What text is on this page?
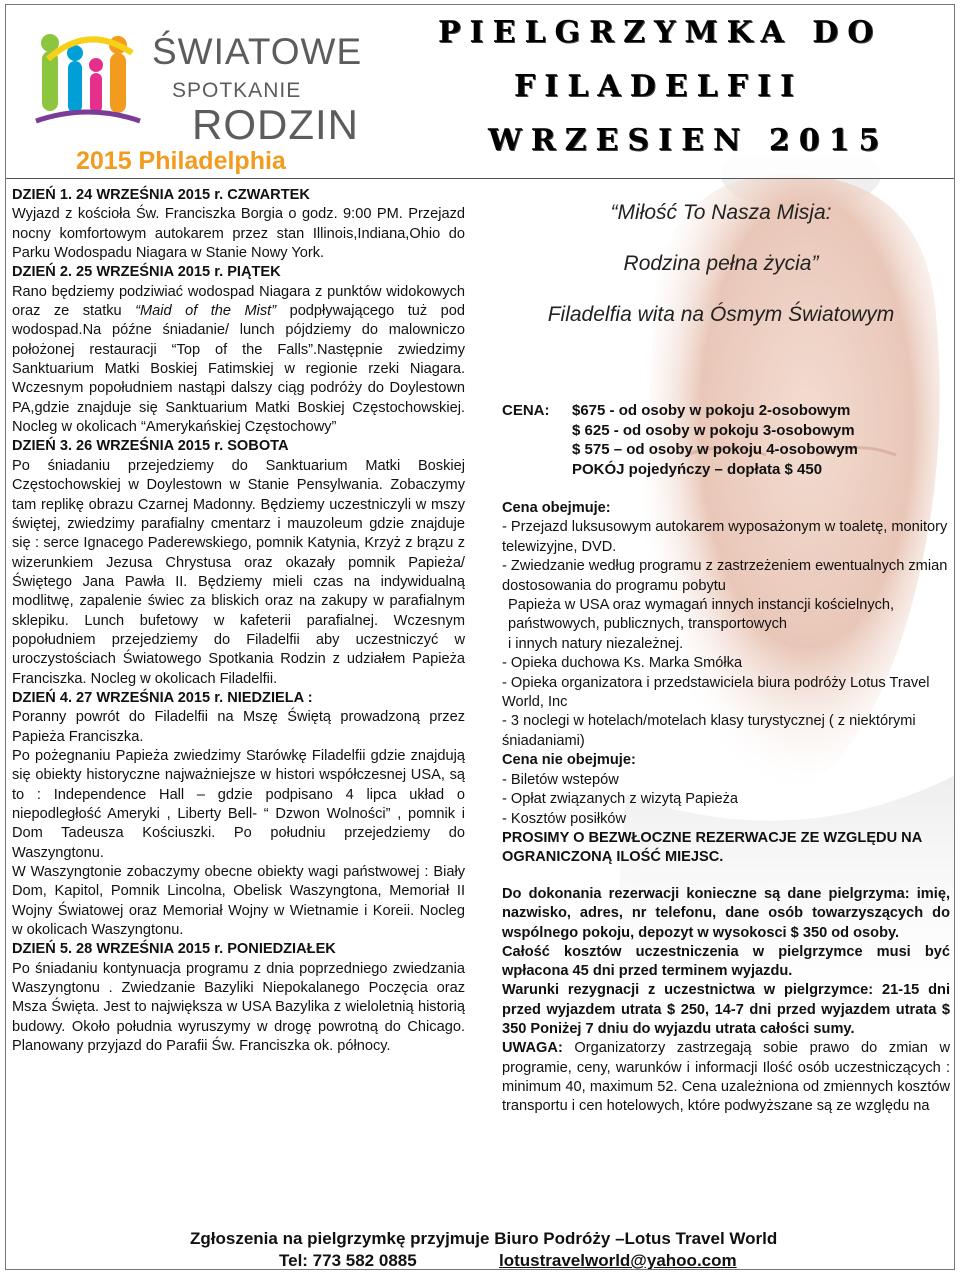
ŚWIATOWE
SPOTKANIE
RODZIN
2015 Philadelphia
PIELGRZYMKA DO
FILADELFII
WRZESIEN 2015

DZIEŃ 1. 24 WRZEŚNIA 2015 r. CZWARTEK

Wyjazd z kościoła Św. Franciszka Borgia o godz. 9:00 PM. Przejazd nocny komfortowym autokarem przez stan Illinois,Indiana,Ohio do Parku Wodospadu Niagara w Stanie Nowy York.

DZIEŃ 2. 25 WRZEŚNIA 2015 r. PIĄTEK

Rano będziemy podziwiać wodospad Niagara z punktów widokowych oraz ze statku “Maid of the Mist” podpływającego tuż pod wodospad.Na późne śniadanie/ lunch pójdziemy do malowniczo położonej restauracji “Top of the Falls”.Następnie zwiedzimy Sanktuarium Matki Boskiej Fatimskiej w regionie rzeki Niagara. Wczesnym popołudniem nastąpi dalszy ciąg podróży do Doylestown PA,gdzie znajduje się Sanktuarium Matki Boskiej Częstochowskiej. Nocleg w okolicach “Amerykańskiej Częstochowy”

DZIEŃ 3. 26 WRZEŚNIA 2015 r. SOBOTA

Po śniadaniu przejedziemy do Sanktuarium Matki Boskiej Częstochowskiej w Doylestown w Stanie Pensylwania. Zobaczymy tam replikę obrazu Czarnej Madonny. Będziemy uczestniczyli w mszy świętej, zwiedzimy parafialny cmentarz i mauzoleum gdzie znajduje się : serce Ignacego Paderewskiego, pomnik Katynia, Krzyż z brązu z wizerunkiem Jezusa Chrystusa oraz okazały pomnik Papieża/Świętego Jana Pawła II. Będziemy mieli czas na indywidualną modlitwę, zapalenie świec za bliskich oraz na zakupy w parafialnym sklepiku. Lunch bufetowy w kafeterii parafialnej. Wczesnym popołudniem przejedziemy do Filadelfii aby uczestniczyć w uroczystościach Światowego Spotkania Rodzin z udziałem Papieża Franciszka. Nocleg w okolicach Filadelfii.

DZIEŃ 4. 27 WRZEŚNIA 2015 r. NIEDZIELA :

Poranny powrót do Filadelfii na Mszę Świętą prowadzoną przez Papieża Franciszka.

Po pożegnaniu Papieża zwiedzimy Starówkę Filadelfii gdzie znajdują się obiekty historyczne najważniejsze w histori współczesnej USA, są to : Independence Hall – gdzie podpisano 4 lipca układ o niepodległość Ameryki , Liberty Bell- “ Dzwon Wolności” , pomnik i Dom Tadeusza Kościuszki. Po południu przejedziemy do Waszyngtonu.

W Waszyngtonie zobaczymy obecne obiekty wagi państwowej : Biały Dom, Kapitol, Pomnik Lincolna, Obelisk Waszyngtona, Memoriał II Wojny Światowej oraz Memoriał Wojny w Wietnamie i Koreii. Nocleg w okolicach Waszyngtonu.

DZIEŃ 5. 28 WRZEŚNIA 2015 r. PONIEDZIAŁEK

Po śniadaniu kontynuacja programu z dnia poprzedniego zwiedzania Waszyngtonu . Zwiedzanie Bazyliki Niepokalanego Poczęcia oraz Msza Święta. Jest to największa w USA Bazylika z wieloletnią historią budowy. Około południa wyruszymy w drogę powrotną do Chicago. Planowany przyjazd do Parafii Św. Franciszka ok. północy.

“Miłość To Nasza Misja:
Rodzina pełna życia”
Filadelfia wita na Ósmym Światowym
CENA: $675 - od osoby w pokoju 2-osobowym
$ 625 - od osoby w pokoju 3-osobowym
$ 575 – od osoby w pokoju 4-osobowym
POKÓJ pojedyńczy – dopłata $ 450
Cena obejmuje:
- Przejazd luksusowym autokarem wyposażonym w toaletę, monitory telewizyjne, DVD.
- Zwiedzanie według programu z zastrzeżeniem ewentualnych zmian dostosowania do programu pobytu
Papieża w USA oraz wymagań innych instancji kościelnych, państwowych, publicznych, transportowych
i innych natury niezależnej.
- Opieka duchowa Ks. Marka Smółka
- Opieka organizatora i przedstawiciela biura podróży Lotus Travel World, Inc
- 3 noclegi w hotelach/motelach klasy turystycznej ( z niektórymi śniadaniami)
Cena nie obejmuje:
- Biletów wstepów
- Opłat związanych z wizytą Papieża
- Kosztów posiłków
PROSIMY O BEZWŁOCZNE REZERWACJE ZE WZGLĘDU NA OGRANICZONĄ ILOŚĆ MIEJSC.

Do dokonania rezerwacji konieczne są dane pielgrzyma: imię, nazwisko, adres, nr telefonu, dane osób towarzyszących do wspólnego pokoju, depozyt w wysokosci $ 350 od osoby.

Całość kosztów uczestniczenia w pielgrzymce musi być wpłacona 45 dni przed terminem wyjazdu.

Warunki rezygnacji z uczestnictwa w pielgrzymce: 21-15 dni przed wyjazdem utrata $ 250, 14-7 dni przed wyjazdem utrata $ 350 Poniżej 7 dniu do wyjazdu utrata całości sumy.

UWAGA: Organizatorzy zastrzegają sobie prawo do zmian w programie, ceny, warunków i informacji Ilość osób uczestniczących : minimum 40, maximum 52. Cena uzależniona od zmiennych kosztów transportu i cen hotelowych, które podwyższane są ze względu na

Zgłoszenia na pielgrzymkę przyjmuje Biuro Podróży –Lotus Travel World
Tel: 773 582 0885	lotustravelworld@yahoo.com
